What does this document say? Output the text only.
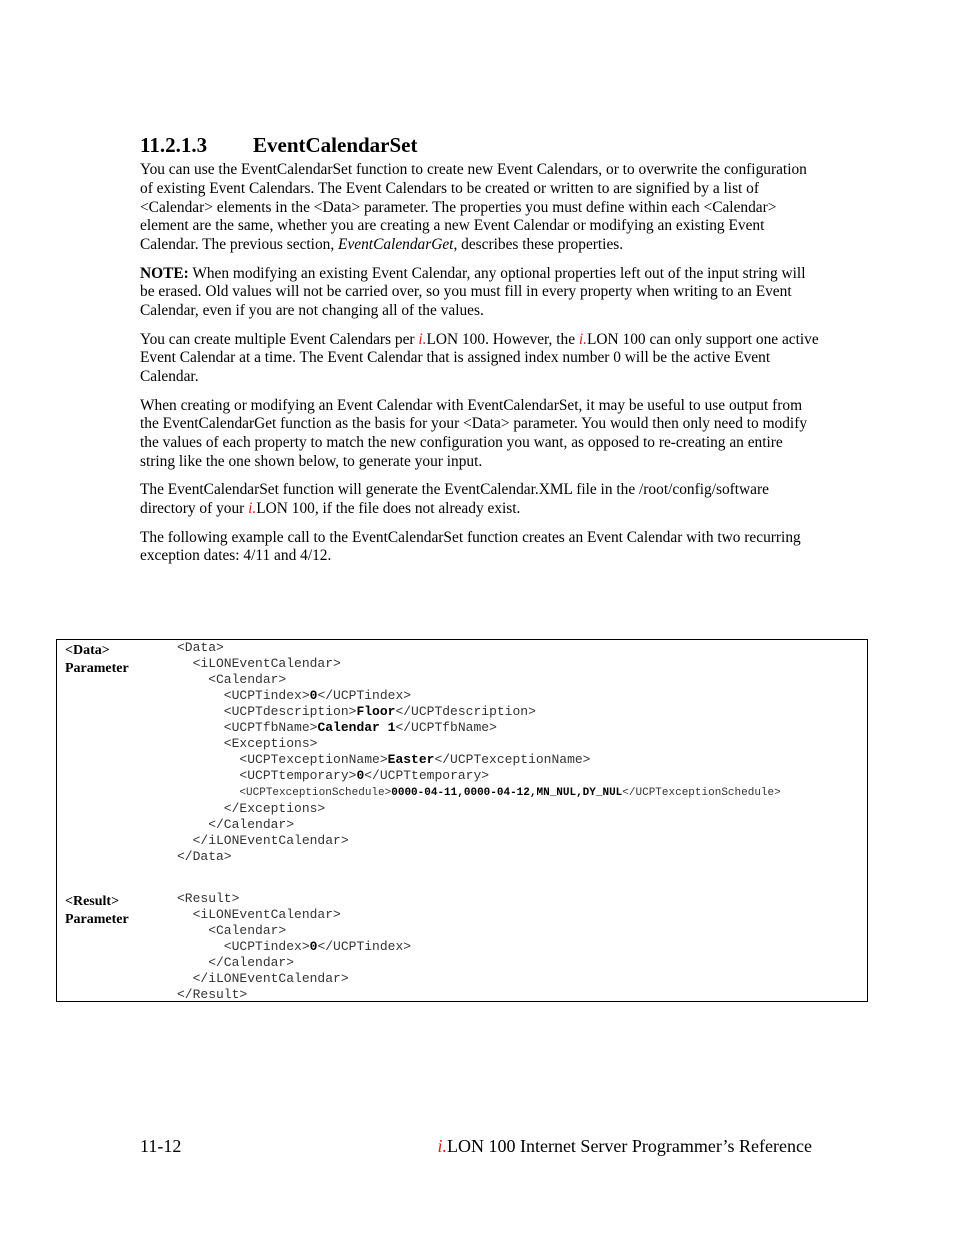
11.2.1.3 EventCalendarSet

You can use the EventCalendarSet function to create new Event Calendars, or to overwrite the configuration of existing Event Calendars. The Event Calendars to be created or written to are signified by a list of <Calendar> elements in the <Data> parameter. The properties you must define within each <Calendar> element are the same, whether you are creating a new Event Calendar or modifying an existing Event Calendar. The previous section, EventCalendarGet, describes these properties.

NOTE: When modifying an existing Event Calendar, any optional properties left out of the input string will be erased. Old values will not be carried over, so you must fill in every property when writing to an Event Calendar, even if you are not changing all of the values.

You can create multiple Event Calendars per i.LON 100. However, the i.LON 100 can only support one active Event Calendar at a time. The Event Calendar that is assigned index number 0 will be the active Event Calendar.

When creating or modifying an Event Calendar with EventCalendarSet, it may be useful to use output from the EventCalendarGet function as the basis for your <Data> parameter. You would then only need to modify the values of each property to match the new configuration you want, as opposed to re-creating an entire string like the one shown below, to generate your input.

The EventCalendarSet function will generate the EventCalendar.XML file in the /root/config/software directory of your i.LON 100, if the file does not already exist.

The following example call to the EventCalendarSet function creates an Event Calendar with two recurring exception dates: 4/11 and 4/12.

<Data>
Parameter
<Data>
<iLONEventCalendar>
<Calendar>
<UCPTindex>0</UCPTindex>
<UCPTdescription>Floor</UCPTdescription>
<UCPTfbName>Calendar 1</UCPTfbName>
<Exceptions>
<UCPTexceptionName>Easter</UCPTexceptionName>
<UCPTtemporary>0</UCPTtemporary>
<UCPTexceptionSchedule>0000-04-11,0000-04-12,MN_NUL,DY_NUL</UCPTexceptionSchedule>
</Exceptions>
</Calendar>
</iLONEventCalendar>
</Data>
<Result>
Parameter
<Result>
<iLONEventCalendar>
<Calendar>
<UCPTindex>0</UCPTindex>
</Calendar>
</iLONEventCalendar>
</Result>
11-12	i.LON 100 Internet Server Programmer’s Reference
